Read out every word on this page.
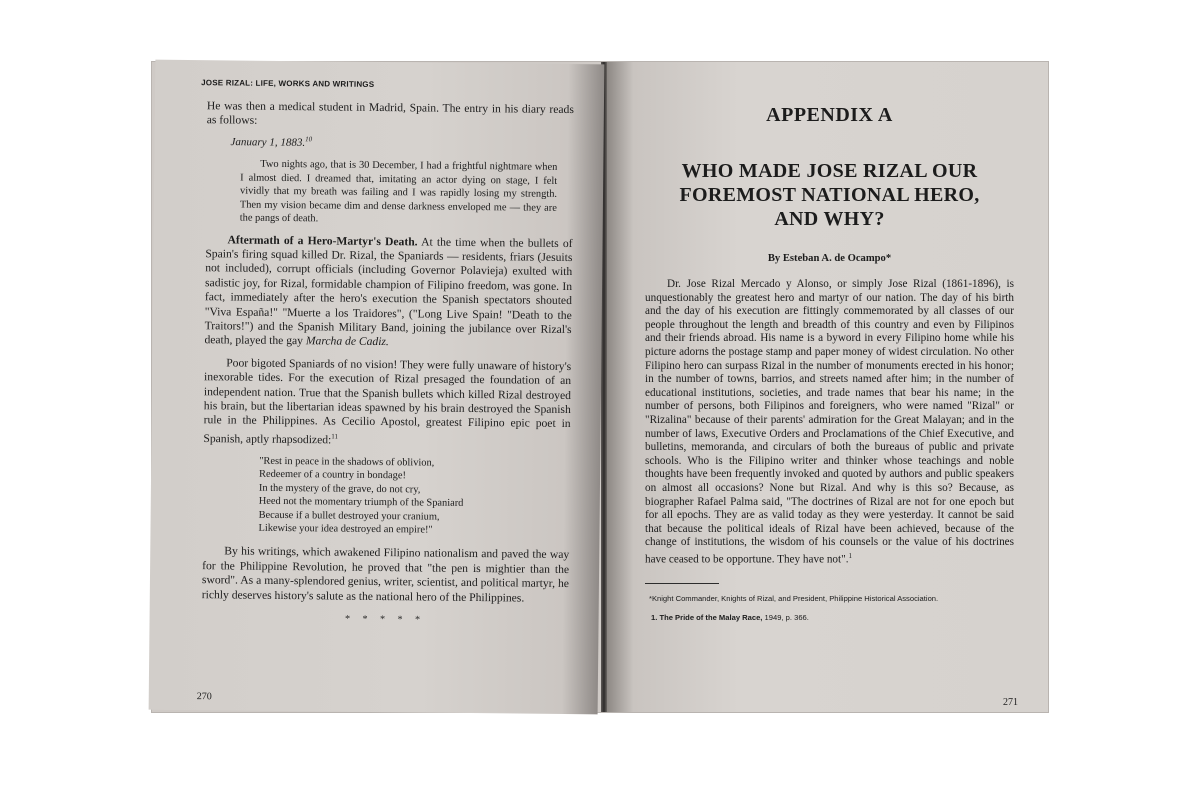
JOSE RIZAL: LIFE, WORKS AND WRITINGS

He was then a medical student in Madrid, Spain. The entry in his diary reads as follows:

January 1, 1883.10

Two nights ago, that is 30 December, I had a frightful nightmare when I almost died. I dreamed that, imitating an actor dying on stage, I felt vividly that my breath was failing and I was rapidly losing my strength. Then my vision became dim and dense darkness enveloped me — they are the pangs of death.

Aftermath of a Hero-Martyr's Death. At the time when the bullets of Spain's firing squad killed Dr. Rizal, the Spaniards — residents, friars (Jesuits not included), corrupt officials (including Governor Polavieja) exulted with sadistic joy, for Rizal, formidable champion of Filipino freedom, was gone. In fact, immediately after the hero's execution the Spanish spectators shouted "Viva España!" "Muerte a los Traidores", ("Long Live Spain! "Death to the Traitors!") and the Spanish Military Band, joining the jubilance over Rizal's death, played the gay Marcha de Cadiz.

Poor bigoted Spaniards of no vision! They were fully unaware of history's inexorable tides. For the execution of Rizal presaged the foundation of an independent nation. True that the Spanish bullets which killed Rizal destroyed his brain, but the libertarian ideas spawned by his brain destroyed the Spanish rule in the Philippines. As Cecilio Apostol, greatest Filipino epic poet in Spanish, aptly rhapsodized:$^{11}$

"Rest in peace in the shadows of oblivion,
Redeemer of a country in bondage!
In the mystery of the grave, do not cry,
Heed not the momentary triumph of the Spaniard
Because if a bullet destroyed your cranium,
Likewise your idea destroyed an empire!"

By his writings, which awakened Filipino nationalism and paved the way for the Philippine Revolution, he proved that "the pen is mightier than the sword". As a many-splendored genius, writer, scientist, and political martyr, he richly deserves history's salute as the national hero of the Philippines.

* * * * *
270
APPENDIX A
WHO MADE JOSE RIZAL OUR
FOREMOST NATIONAL HERO,
AND WHY?
By Esteban A. de Ocampo*

Dr. Jose Rizal Mercado y Alonso, or simply Jose Rizal (1861-1896), is unquestionably the greatest hero and martyr of our nation. The day of his birth and the day of his execution are fittingly commemorated by all classes of our people throughout the length and breadth of this country and even by Filipinos and their friends abroad. His name is a byword in every Filipino home while his picture adorns the postage stamp and paper money of widest circulation. No other Filipino hero can surpass Rizal in the number of monuments erected in his honor; in the number of towns, barrios, and streets named after him; in the number of educational institutions, societies, and trade names that bear his name; in the number of persons, both Filipinos and foreigners, who were named "Rizal" or "Rizalina" because of their parents' admiration for the Great Malayan; and in the number of laws, Executive Orders and Proclamations of the Chief Executive, and bulletins, memoranda, and circulars of both the bureaus of public and private schools. Who is the Filipino writer and thinker whose teachings and noble thoughts have been frequently invoked and quoted by authors and public speakers on almost all occasions? None but Rizal. And why is this so? Because, as biographer Rafael Palma said, "The doctrines of Rizal are not for one epoch but for all epochs. They are as valid today as they were yesterday. It cannot be said that because the political ideals of Rizal have been achieved, because of the change of institutions, the wisdom of his counsels or the value of his doctrines have ceased to be opportune. They have not".$^1$

*Knight Commander, Knights of Rizal, and President, Philippine Historical Association.

1. The Pride of the Malay Race, 1949, p. 366.

271
